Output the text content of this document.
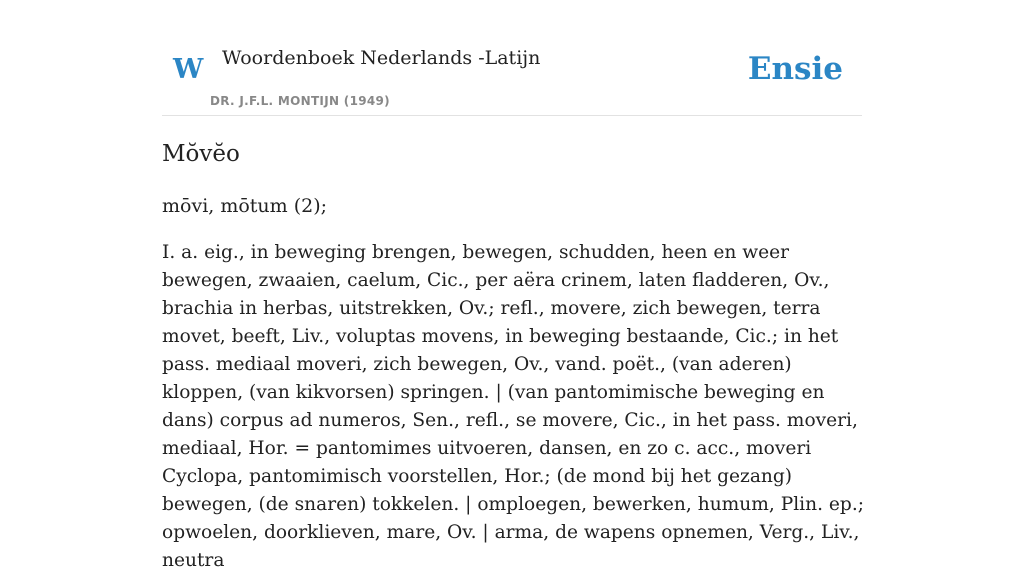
W Woordenboek Nederlands -Latijn
DR. J.F.L. MONTIJN (1949)
Ensie
Mŏvĕo
mōvi, mōtum (2);

I. a. eig., in beweging brengen, bewegen, schudden, heen en weer bewegen, zwaaien, caelum, Cic., per aëra crinem, laten fladderen, Ov., brachia in herbas, uitstrekken, Ov.; refl., movere, zich bewegen, terra movet, beeft, Liv., voluptas movens, in beweging bestaande, Cic.; in het pass. mediaal moveri, zich bewegen, Ov., vand. poët., (van aderen) kloppen, (van kikvorsen) springen. | (van pantomimische beweging en dans) corpus ad numeros, Sen., refl., se movere, Cic., in het pass. moveri, mediaal, Hor. = pantomimes uitvoeren, dansen, en zo c. acc., moveri Cyclopa, pantomimisch voorstellen, Hor.; (de mond bij het gezang) bewegen, (de snaren) tokkelen. | omploegen, bewerken, humum, Plin. ep.; opwoelen, doorklieven, mare, Ov. | arma, de wapens opnemen, Verg., Liv., neutra
